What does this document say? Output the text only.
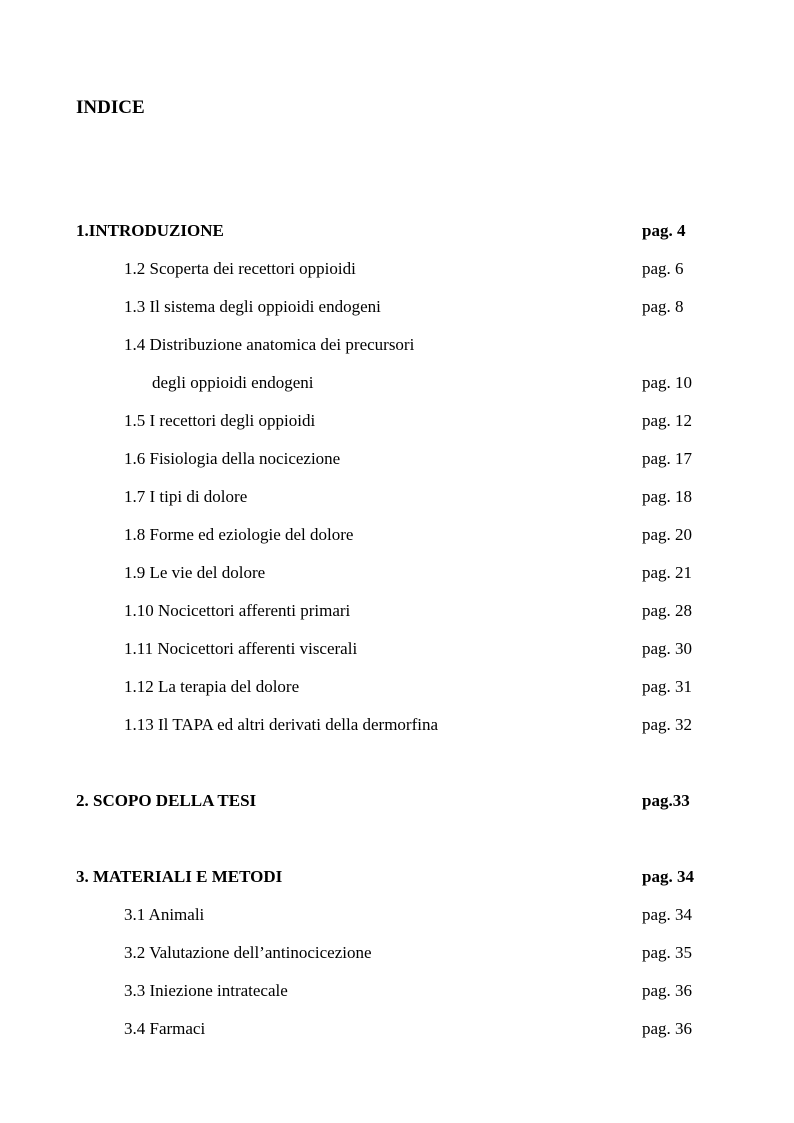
INDICE
1.INTRODUZIONE	pag. 4
1.2 Scoperta dei recettori oppioidi	pag. 6
1.3 Il sistema degli oppioidi endogeni	pag. 8
1.4 Distribuzione anatomica dei precursori
degli oppioidi endogeni	pag. 10
1.5 I recettori degli oppioidi	pag. 12
1.6 Fisiologia della nocicezione	pag. 17
1.7 I tipi di dolore	pag. 18
1.8 Forme ed eziologie del dolore	pag. 20
1.9 Le vie del dolore	pag. 21
1.10 Nocicettori afferenti primari	pag. 28
1.11 Nocicettori afferenti viscerali	pag. 30
1.12 La terapia del dolore	pag. 31
1.13 Il TAPA ed altri derivati della dermorfina	pag. 32
2. SCOPO DELLA TESI	pag.33
3. MATERIALI E METODI	pag. 34
3.1 Animali	pag. 34
3.2 Valutazione dell’antinocicezione	pag. 35
3.3 Iniezione intratecale	pag. 36
3.4 Farmaci	pag. 36
